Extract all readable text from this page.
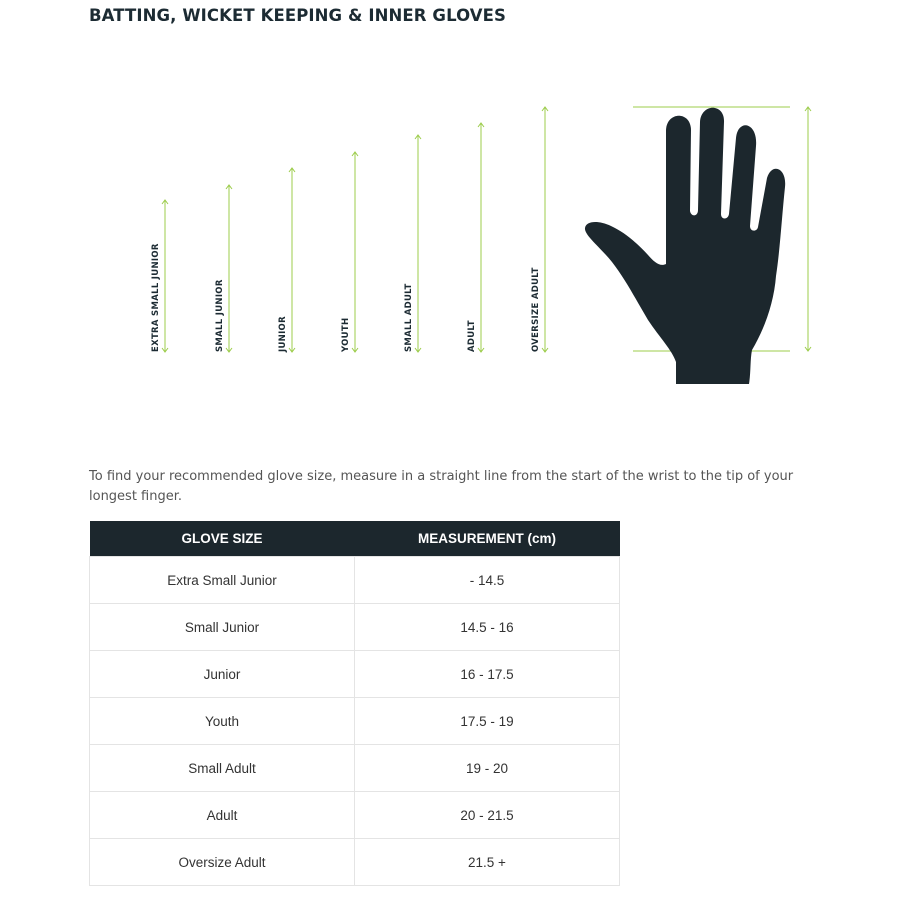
BATTING, WICKET KEEPING & INNER GLOVES
EXTRA SMALL JUNIOR	SMALL JUNIOR	JUNIOR	YOUTH	SMALL ADULT	ADULT	OVERSIZE ADULT

To find your recommended glove size, measure in a straight line from the start of the wrist to the tip of your longest finger.

GLOVE SIZE	MEASUREMENT (cm)
Extra Small Junior	- 14.5
Small Junior	14.5 - 16
Junior	16 - 17.5
Youth	17.5 - 19
Small Adult	19 - 20
Adult	20 - 21.5
Oversize Adult	21.5 +
